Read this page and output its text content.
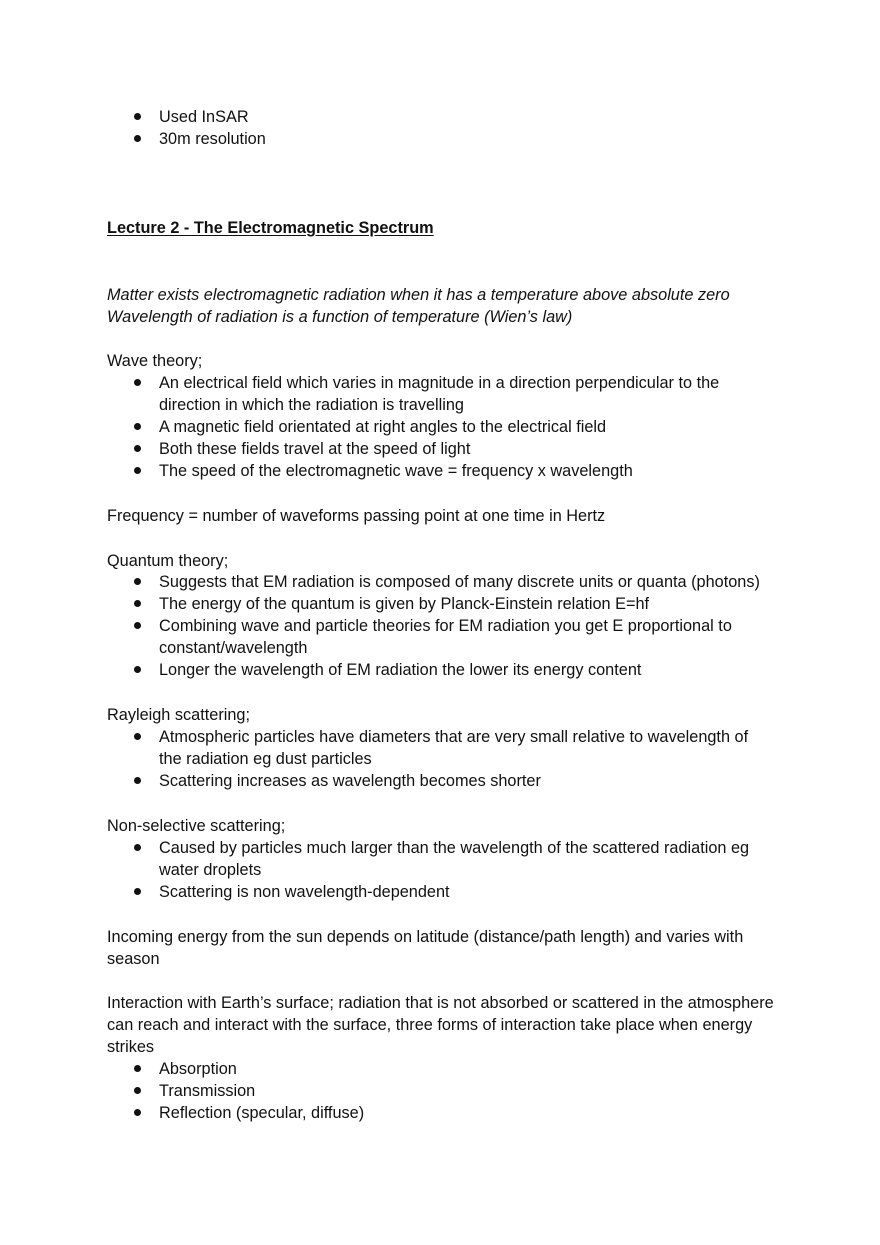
Used InSAR
30m resolution
Lecture 2 - The Electromagnetic Spectrum
Matter exists electromagnetic radiation when it has a temperature above absolute zero
Wavelength of radiation is a function of temperature (Wien’s law)
Wave theory;
An electrical field which varies in magnitude in a direction perpendicular to the
direction in which the radiation is travelling
A magnetic field orientated at right angles to the electrical field
Both these fields travel at the speed of light
The speed of the electromagnetic wave = frequency x wavelength
Frequency = number of waveforms passing point at one time in Hertz
Quantum theory;
Suggests that EM radiation is composed of many discrete units or quanta (photons)
The energy of the quantum is given by Planck-Einstein relation E=hf
Combining wave and particle theories for EM radiation you get E proportional to
constant/wavelength
Longer the wavelength of EM radiation the lower its energy content
Rayleigh scattering;
Atmospheric particles have diameters that are very small relative to wavelength of
the radiation eg dust particles
Scattering increases as wavelength becomes shorter
Non-selective scattering;
Caused by particles much larger than the wavelength of the scattered radiation eg
water droplets
Scattering is non wavelength-dependent
Incoming energy from the sun depends on latitude (distance/path length) and varies with
season
Interaction with Earth’s surface; radiation that is not absorbed or scattered in the atmosphere
can reach and interact with the surface, three forms of interaction take place when energy
strikes
Absorption
Transmission
Reflection (specular, diffuse)
